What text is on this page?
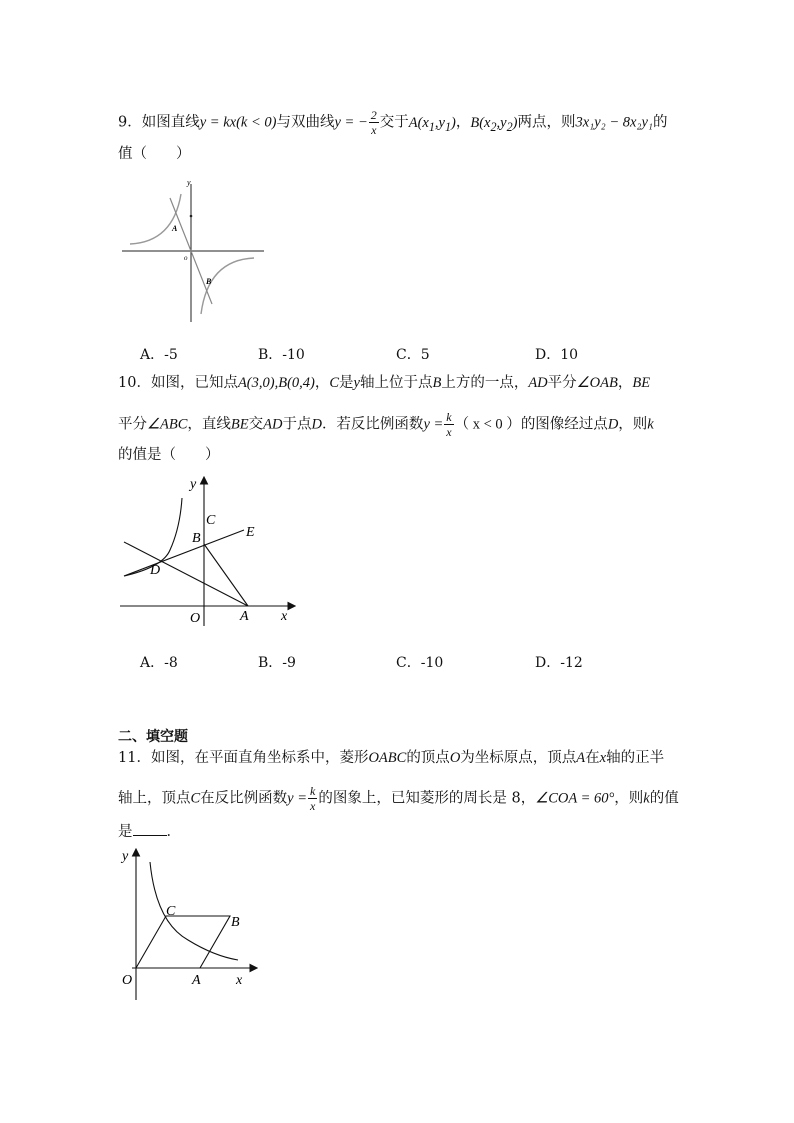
9．如图直线y = kx(k < 0)与双曲线y = − $\frac{2}{x}$ 交于$A(x_1,y_1)$，$B(x_2,y_2)$两点，则3x₁y₂ − 8x₂y₁的
值（　　）
y
A
o
B
A．-5	B．-10	C．5	D．10
10．如图，已知点A(3,0),B(0,4)，C是y轴上位于点B上方的一点，AD平分∠OAB，BE
平分∠ABC，直线BE交AD于点D．若反比例函数$y = \frac{k}{x}$ （ x < 0 ）的图像经过点D，则k
的值是（　　）
y
C
E
B
D
O	A x
A．-8	B．-9	C．-10	D．-12
二、填空题
11．如图，在平面直角坐标系中，菱形OABC的顶点O为坐标原点，顶点A在x轴的正半
轴上，顶点C在反比例函数$y = \frac{k}{x}$ 的图象上，已知菱形的周长是 8，∠COA = 60°，则k的值
是 ．
y
C
B
O	A	x
